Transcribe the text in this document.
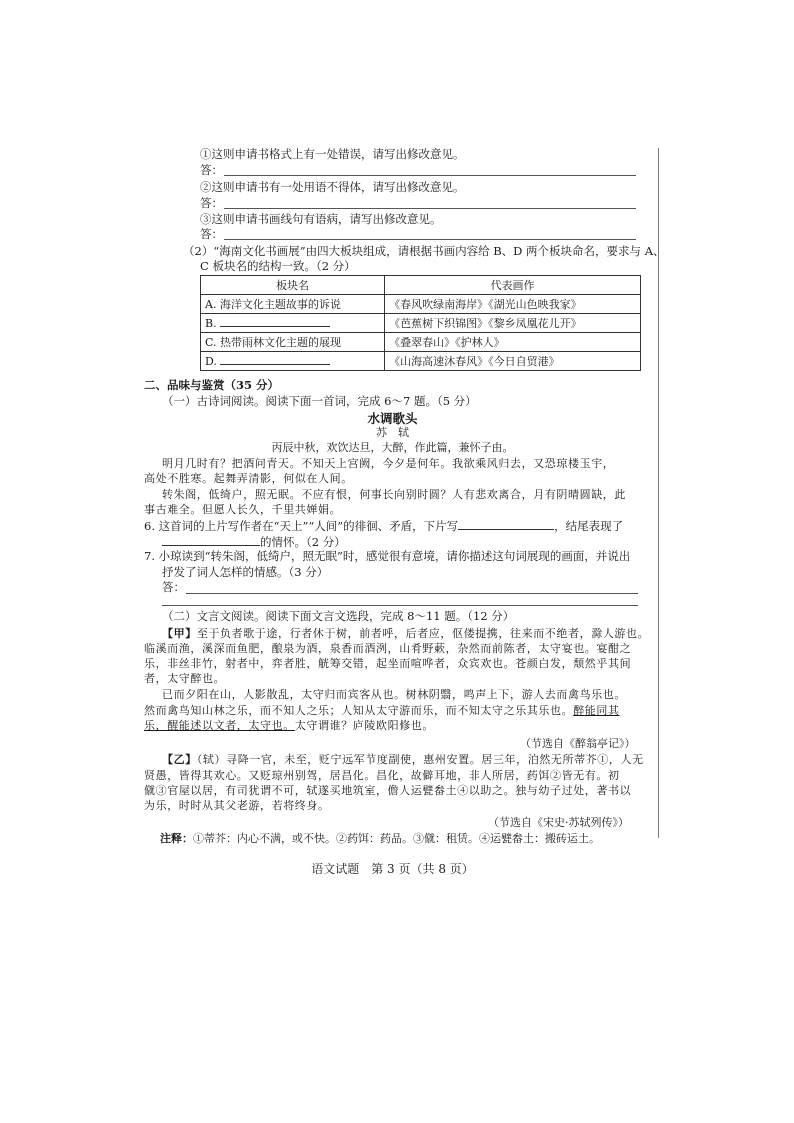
①这则申请书格式上有一处错误，请写出修改意见。
答：
②这则申请书有一处用语不得体，请写出修改意见。
答：
③这则申请书画线句有语病，请写出修改意见。
答：
（2）“海南文化书画展”由四大板块组成，请根据书画内容给 B、D 两个板块命名，要求与 A、
C 板块名的结构一致。（2 分）
板块名	代表画作
A. 海洋文化主题故事的诉说	《春风吹绿南海岸》《湖光山色映我家》
B.	《芭蕉树下织锦图》《黎乡凤凰花儿开》
C. 热带雨林文化主题的展现	《叠翠春山》《护林人》
D.	《山海高速沐春风》《今日自贸港》
二、品味与鉴赏（35 分）
（一）古诗词阅读。阅读下面一首词，完成 6～7 题。（5 分）
水调歌头
苏　轼
丙辰中秋，欢饮达旦，大醉，作此篇，兼怀子由。
明月几时有？把酒问青天。不知天上宫阙，今夕是何年。我欲乘风归去，又恐琼楼玉宇，
高处不胜寒。起舞弄清影，何似在人间。
转朱阁，低绮户，照无眠。不应有恨，何事长向别时圆？人有悲欢离合，月有阴晴圆缺，此
事古难全。但愿人长久，千里共婵娟。
6. 这首词的上片写作者在“天上”“人间”的徘徊、矛盾，下片写	，结尾表现了
的情怀。（2 分）
7. 小琼读到“转朱阁，低绮户，照无眠”时，感觉很有意境，请你描述这句词展现的画面，并说出
抒发了词人怎样的情感。（3 分）
答：
（二）文言文阅读。阅读下面文言文选段，完成 8～11 题。（12 分）
【甲】至于负者歌于途，行者休于树，前者呼，后者应，伛偻提携，往来而不绝者，滁人游也。
临溪而渔，溪深而鱼肥，酿泉为酒，泉香而酒洌，山肴野蔌，杂然而前陈者，太守宴也。宴酣之
乐，非丝非竹，射者中，弈者胜，觥筹交错，起坐而喧哗者，众宾欢也。苍颜白发，颓然乎其间
者，太守醉也。
已而夕阳在山，人影散乱，太守归而宾客从也。树林阴翳，鸣声上下，游人去而禽鸟乐也。
然而禽鸟知山林之乐，而不知人之乐；人知从太守游而乐，而不知太守之乐其乐也。醉能同其
乐，醒能述以文者，太守也。太守谓谁？庐陵欧阳修也。
（节选自《醉翁亭记》）
【乙】（轼）寻降一官，未至，贬宁远军节度副使，惠州安置。居三年，泊然无所蒂芥①，人无
贤愚，皆得其欢心。又贬琼州别驾，居昌化。昌化，故僻耳地，非人所居，药饵②皆无有。初
僦③官屋以居，有司犹谓不可，轼遂买地筑室，儋人运甓畚土④以助之。独与幼子过处，著书以
为乐，时时从其父老游，若将终身。
（节选自《宋史·苏轼列传》）
注释：①蒂芥：内心不满，或不快。②药饵：药品。③僦：租赁。④运甓畚土：搬砖运土。
语文试题　第 3 页（共 8 页）
